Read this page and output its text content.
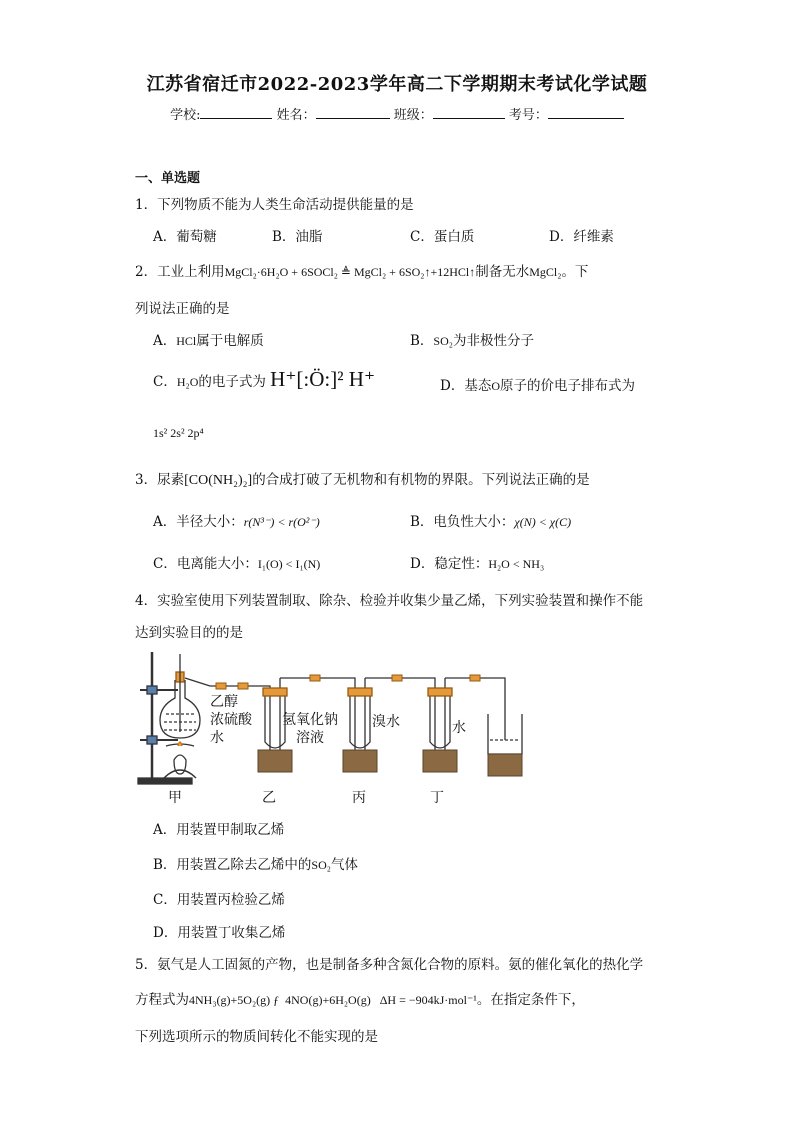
江苏省宿迁市2022-2023学年高二下学期期末考试化学试题
学校:	姓名：	班级：	考号：
一、单选题
1．下列物质不能为人类生命活动提供能量的是
A．葡萄糖	B．油脂	C．蛋白质	D．纤维素
2．工业上利用MgCl₂·6H₂O + 6SOCl₂ ≜ MgCl₂ + 6SO₂↑+12HCl↑制备无水MgCl₂。下
列说法正确的是
A．HCl属于电解质	B．SO₂为非极性分子
C．H₂O的电子式为 H⁺[:Ö:]² H⁺	D．基态O原子的价电子排布式为
1s² 2s² 2p⁴
3．尿素[CO(NH₂)₂]的合成打破了无机物和有机物的界限。下列说法正确的是
A．半径大小：r(N³⁻) < r(O²⁻)	B．电负性大小：χ(N) < χ(C)
C．电离能大小：I₁(O) < I₁(N)	D．稳定性：H₂O < NH₃
4．实验室使用下列装置制取、除杂、检验并收集少量乙烯，下列实验装置和操作不能
达到实验目的的是
乙醇
浓硫酸
水
氢氧化钠
溶液
溴水	水
甲	乙	丙	丁
A．用装置甲制取乙烯
B．用装置乙除去乙烯中的SO₂气体
C．用装置丙检验乙烯
D．用装置丁收集乙烯
5．氨气是人工固氮的产物，也是制备多种含氮化合物的原料。氨的催化氧化的热化学
方程式为4NH₃(g)+5O₂(g) ƒ  4NO(g)+6H₂O(g)   ΔH = −904kJ·mol⁻¹。在指定条件下，
下列选项所示的物质间转化不能实现的是
